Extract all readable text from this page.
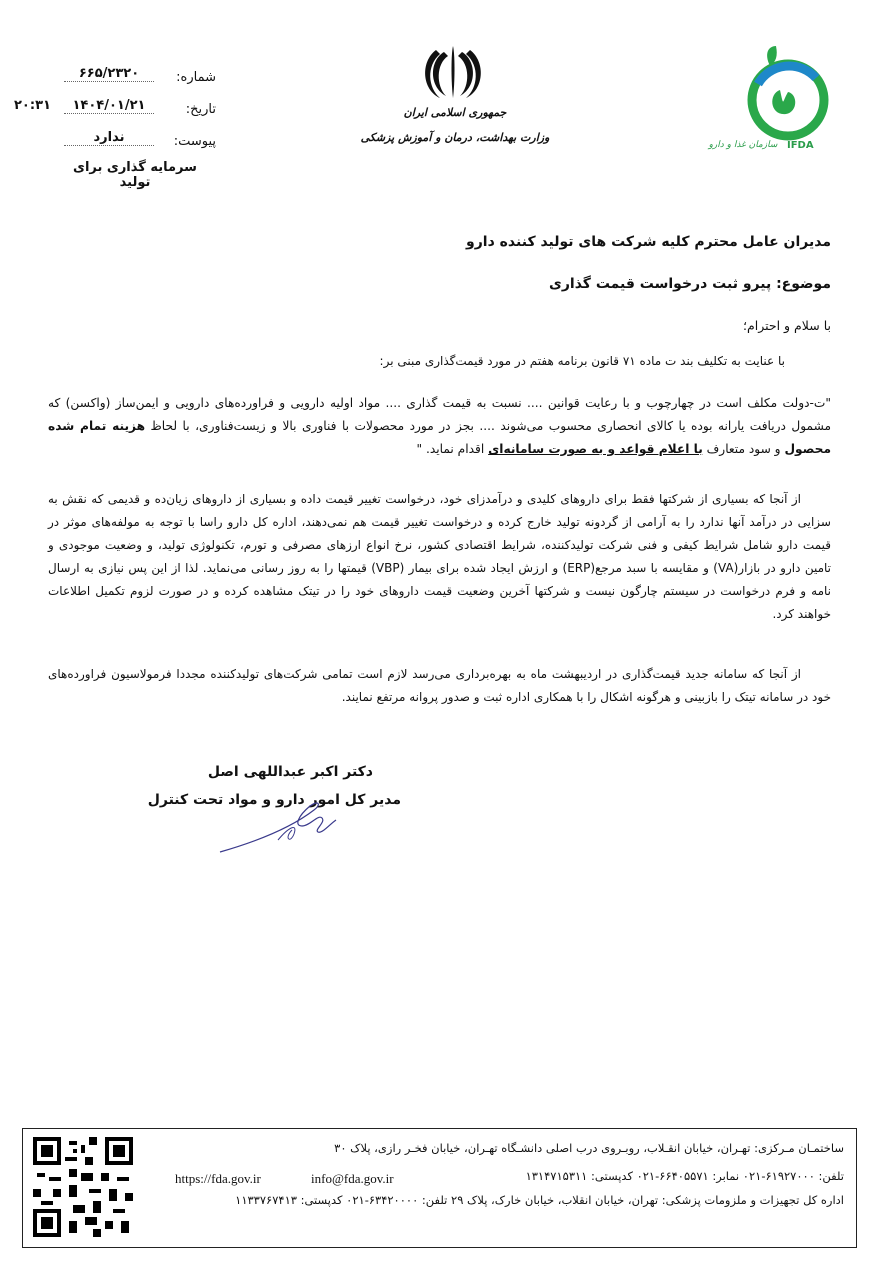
شماره:
۶۶۵/۲۳۲۰
تاریخ:
۱۴۰۴/۰۱/۲۱
۲۰:۳۱
پیوست:
ندارد
سرمایه گذاری برای تولید
جمهوری اسلامی ایران
وزارت بهداشت، درمان و آموزش پزشکی
سازمان غذا و دارو IFDA
مدیران عامل محترم کلیه شرکت های تولید کننده دارو
موضوع: پیرو ثبت درخواست قیمت گذاری
با سلام و احترام؛
با عنایت به تکلیف بند ت ماده ۷۱ قانون برنامه هفتم در مورد قیمت‌گذاری مبنی بر:
"ت-دولت مکلف است در چهارچوب و با رعایت قوانین .... نسبت به قیمت گذاری .... مواد اولیه دارویی و فراورده‌های دارویی و ایمن‌ساز (واکسن) که مشمول دریافت یارانه بوده یا کالای انحصاری محسوب می‌شوند .... بجز در مورد محصولات با فناوری بالا و زیست‌فناوری، با لحاظ هزینه تمام شده محصول و سود متعارف با اعلام قواعد و به صورت سامانه‌ای اقدام نماید. "
از آنجا که بسیاری از شرکتها فقط برای داروهای کلیدی و درآمدزای خود، درخواست تغییر قیمت داده و بسیاری از داروهای زیان‌ده و قدیمی که نقش به سزایی در درآمد آنها ندارد را به آرامی از گردونه تولید خارج کرده و درخواست تغییر قیمت هم نمی‌دهند، اداره کل دارو راسا با توجه به مولفه‌های موثر در قیمت دارو شامل شرایط کیفی و فنی شرکت تولیدکننده، شرایط اقتصادی کشور، نرخ انواع ارزهای مصرفی و تورم، تکنولوژی تولید، و وضعیت موجودی و تامین دارو در بازار(VA) و مقایسه با سبد مرجع(ERP) و ارزش ایجاد شده برای بیمار (VBP) قیمتها را به روز رسانی می‌نماید. لذا از این پس نیازی به ارسال نامه و فرم درخواست در سیستم چارگون نیست و شرکتها آخرین وضعیت قیمت داروهای خود را در تیتک مشاهده کرده و در صورت لزوم تکمیل اطلاعات خواهند کرد.
از آنجا که سامانه جدید قیمت‌گذاری در اردیبهشت ماه به بهره‌برداری می‌رسد لازم است تمامی شرکت‌های تولیدکننده مجددا فرمولاسیون فراورده‌های خود در سامانه تیتک را بازبینی و هرگونه اشکال را با همکاری اداره ثبت و صدور پروانه مرتفع نمایند.
دکتر اکبر عبداللهی اصل
مدیر کل امور دارو و مواد تحت کنترل
ساختمـان مـرکزی: تهـران، خیابان انقـلاب، روبـروی درب اصلی دانشـگاه تهـران، خیابان فخـر رازی، پلاک ۳۰
تلفن: ۶۱۹۲۷۰۰۰-۰۲۱ نمابر: ۶۶۴۰۵۵۷۱-۰۲۱ کدپستی: ۱۳۱۴۷۱۵۳۱۱
info@fda.gov.ir
https://fda.gov.ir
اداره کل تجهیزات و ملزومات پزشکی: تهران، خیابان انقلاب، خیابان خارک، پلاک ۲۹ تلفن: ۶۳۴۲۰۰۰۰-۰۲۱ کدپستی: ۱۱۳۳۷۶۷۴۱۳
